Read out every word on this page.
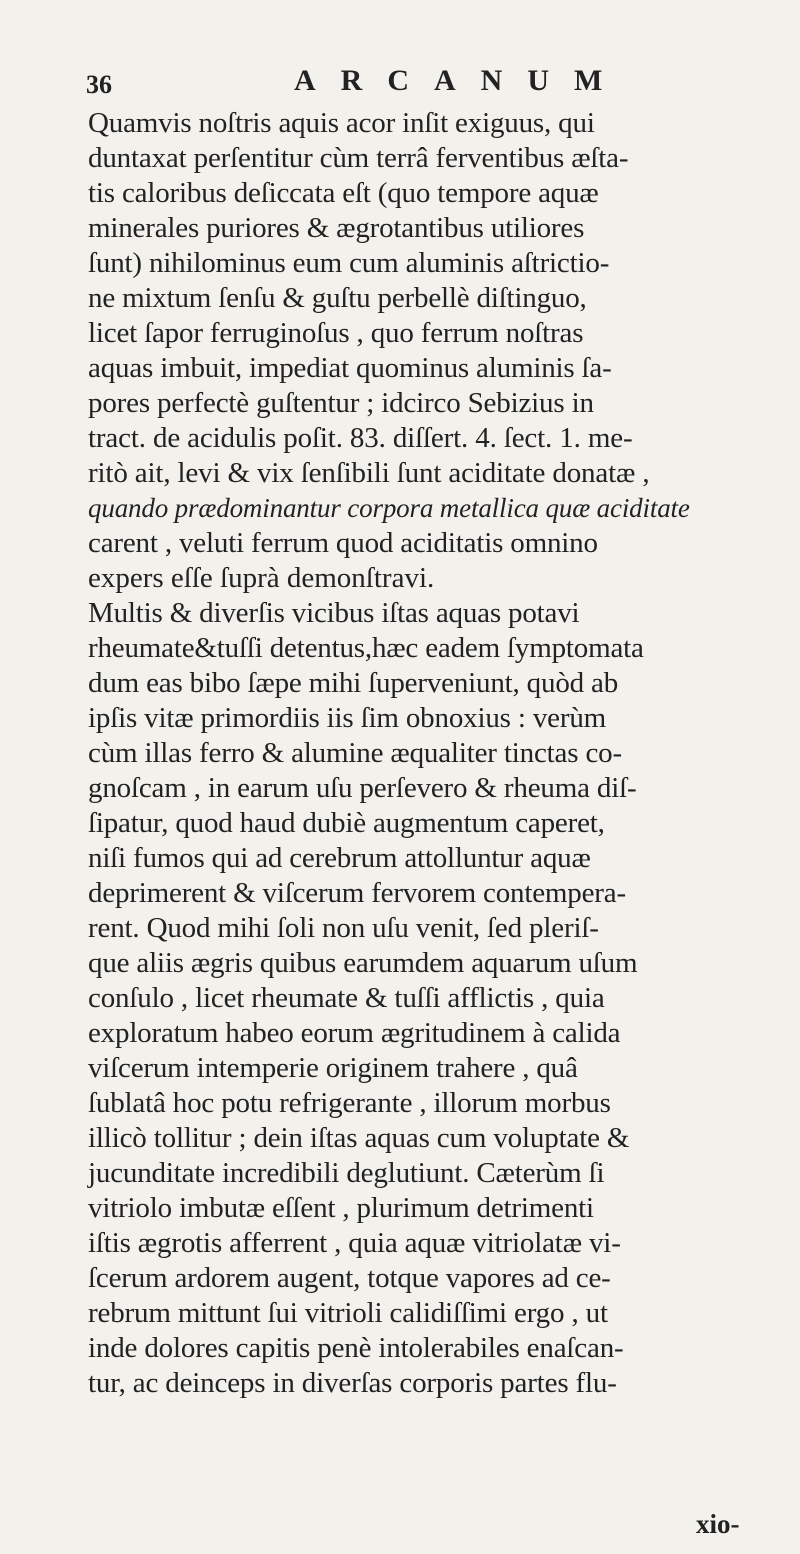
36	ARCANUM
Quamvis noſtris aquis acor inſit exiguus, qui
duntaxat perſentitur cùm terrâ ferventibus æſta-
tis caloribus deſiccata eſt (quo tempore aquæ
minerales puriores & ægrotantibus utiliores
ſunt) nihilominus eum cum aluminis aſtrictio-
ne mixtum ſenſu & guſtu perbellè diſtinguo,
licet ſapor ferruginoſus , quo ferrum noſtras
aquas imbuit, impediat quominus aluminis ſa-
pores perfectè guſtentur ; idcirco Sebizius in
tract. de acidulis poſit. 83. diſſert. 4. ſect. 1. me-
ritò ait, levi & vix ſenſibili ſunt aciditate donatæ ,
quando prædominantur corpora metallica quæ aciditate
carent , veluti ferrum quod aciditatis omnino
expers eſſe ſuprà demonſtravi.
Multis & diverſis vicibus iſtas aquas potavi
rheumate&tuſſi detentus,hæc eadem ſymptomata
dum eas bibo ſæpe mihi ſuperveniunt, quòd ab
ipſis vitæ primordiis iis ſim obnoxius : verùm
cùm illas ferro & alumine æqualiter tinctas co-
gnoſcam , in earum uſu perſevero & rheuma diſ-
ſipatur, quod haud dubiè augmentum caperet,
niſi fumos qui ad cerebrum attolluntur aquæ
deprimerent & viſcerum fervorem contempera-
rent. Quod mihi ſoli non uſu venit, ſed pleriſ-
que aliis ægris quibus earumdem aquarum uſum
conſulo , licet rheumate & tuſſi afflictis , quia
exploratum habeo eorum ægritudinem à calida
viſcerum intemperie originem trahere , quâ
ſublatâ hoc potu refrigerante , illorum morbus
illicò tollitur ; dein iſtas aquas cum voluptate &
jucunditate incredibili deglutiunt. Cæterùm ſi
vitriolo imbutæ eſſent , plurimum detrimenti
iſtis ægrotis afferrent , quia aquæ vitriolatæ vi-
ſcerum ardorem augent, totque vapores ad ce-
rebrum mittunt ſui vitrioli calidiſſimi ergo , ut
inde dolores capitis penè intolerabiles enaſcan-
tur, ac deinceps in diverſas corporis partes flu-
xio-
